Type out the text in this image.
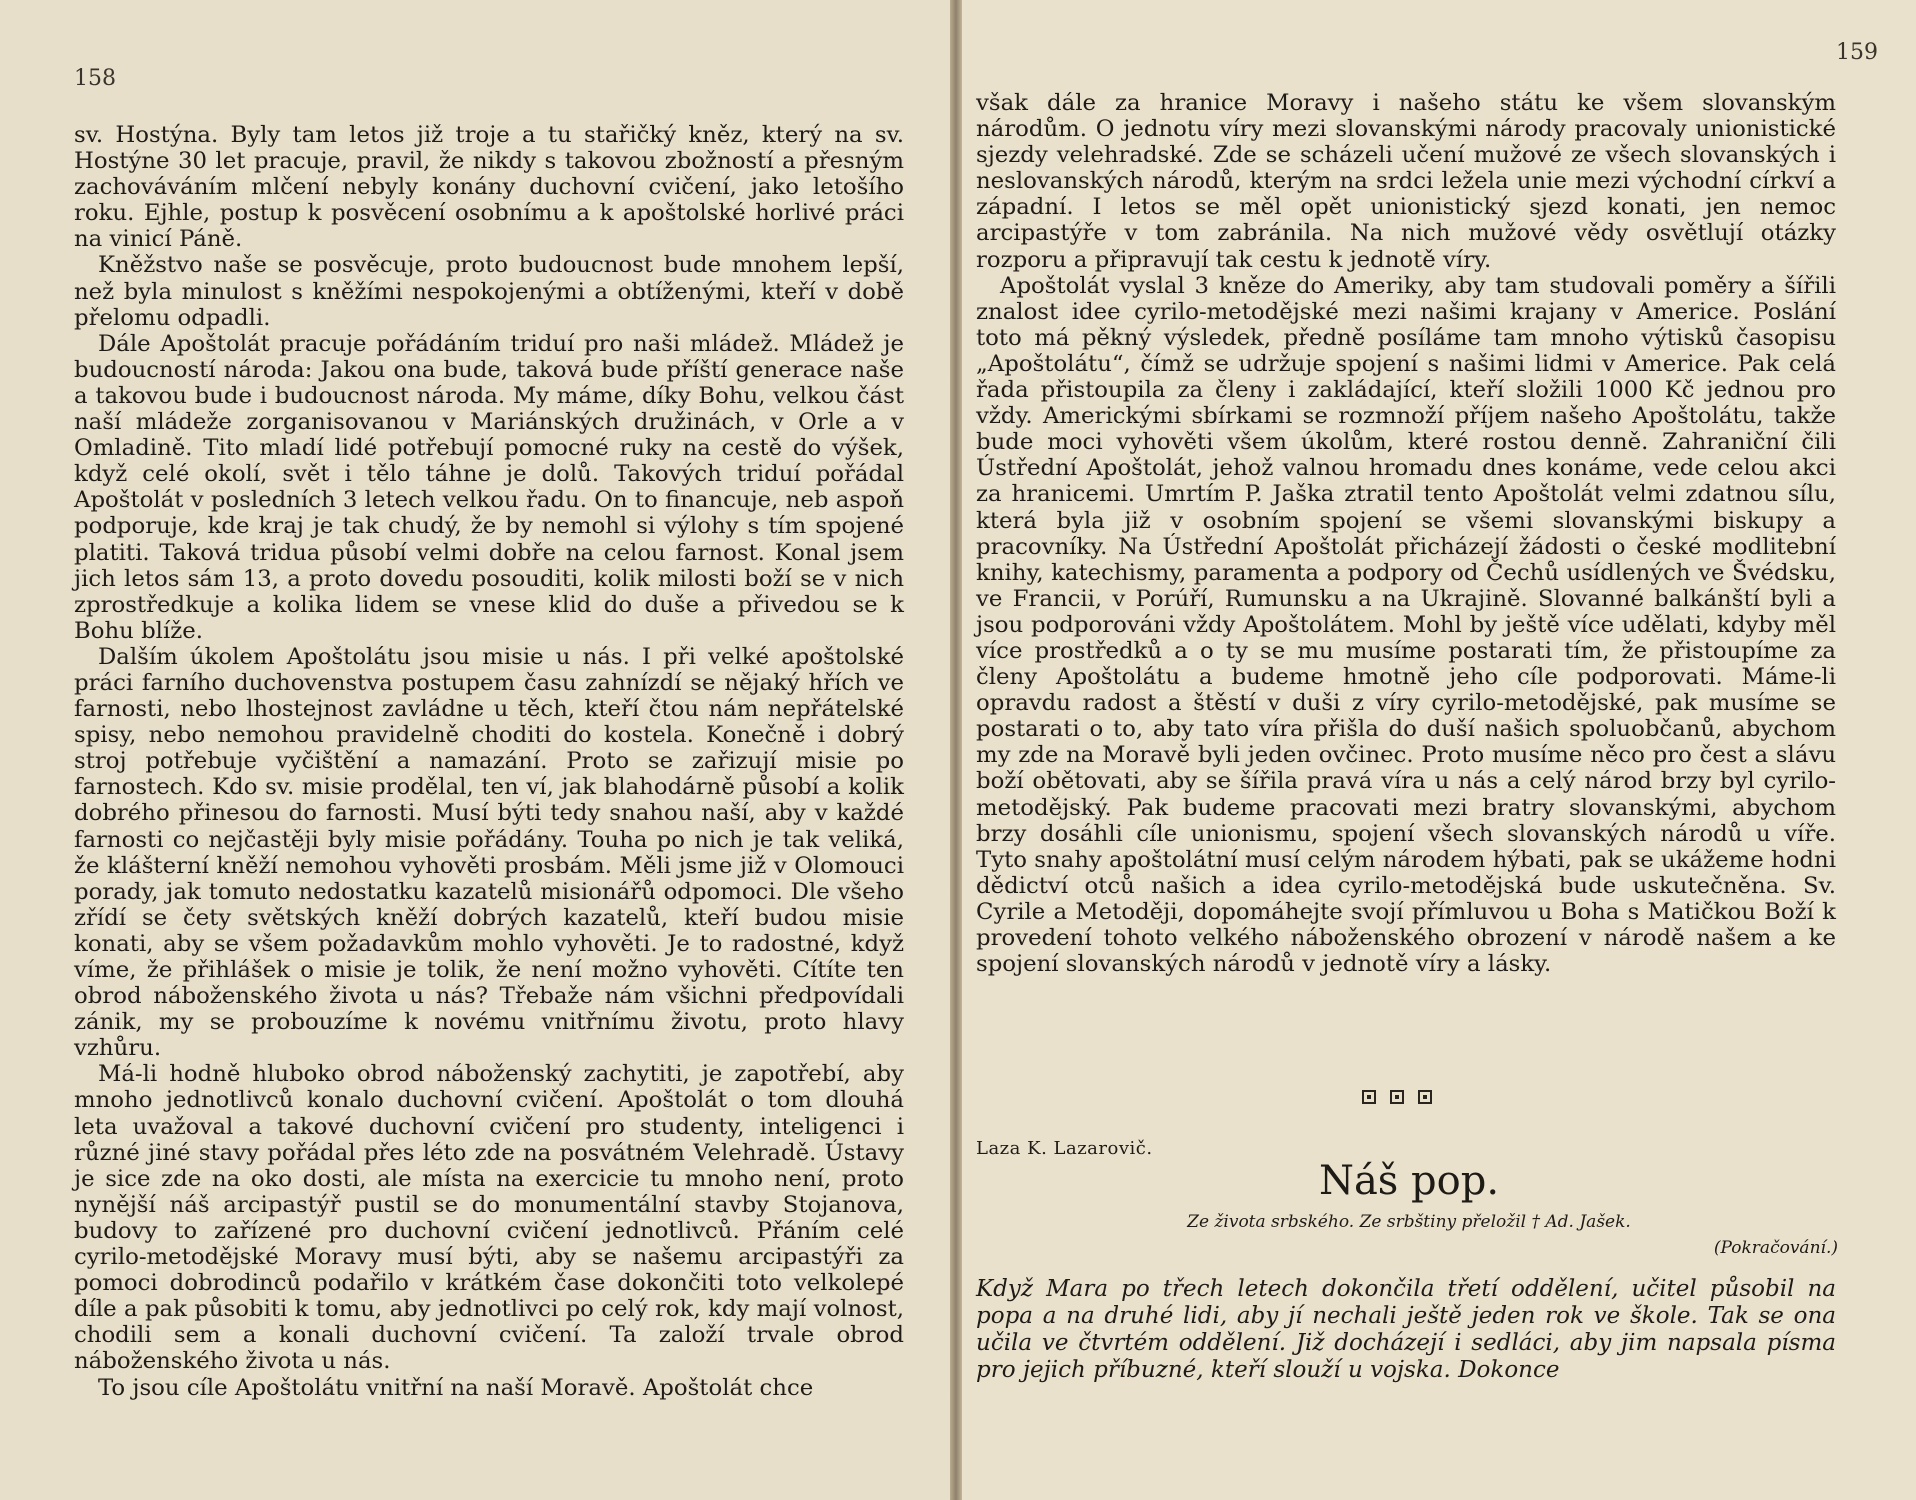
158

sv. Hostýna. Byly tam letos již troje a tu stařičký kněz, který na sv. Hostýne 30 let pracuje, pravil, že nikdy s takovou zbožností a přesným zachováváním mlčení nebyly konány duchovní cvičení, jako letošího roku. Ejhle, postup k posvěcení osobnímu a k apoštolské horlivé práci na vinicí Páně.

Kněžstvo naše se posvěcuje, proto budoucnost bude mnohem lepší, než byla minulost s kněžími nespokojenými a obtíženými, kteří v době přelomu odpadli.

Dále Apoštolát pracuje pořádáním triduí pro naši mládež. Mládež je budoucností národa: Jakou ona bude, taková bude příští generace naše a takovou bude i budoucnost národa. My máme, díky Bohu, velkou část naší mládeže zorganisovanou v Mariánských družinách, v Orle a v Omladině. Tito mladí lidé potřebují pomocné ruky na cestě do výšek, když celé okolí, svět i tělo táhne je dolů. Takových triduí pořádal Apoštolát v posledních 3 letech velkou řadu. On to financuje, neb aspoň podporuje, kde kraj je tak chudý, že by nemohl si výlohy s tím spojené platiti. Taková tridua působí velmi dobře na celou farnost. Konal jsem jich letos sám 13, a proto dovedu posouditi, kolik milosti boží se v nich zprostředkuje a kolika lidem se vnese klid do duše a přivedou se k Bohu blíže.

Dalším úkolem Apoštolátu jsou misie u nás. I při velké apoštolské práci farního duchovenstva postupem času zahnízdí se nějaký hřích ve farnosti, nebo lhostejnost zavládne u těch, kteří čtou nám nepřátelské spisy, nebo nemohou pravidelně choditi do kostela. Konečně i dobrý stroj potřebuje vyčištění a namazání. Proto se zařizují misie po farnostech. Kdo sv. misie prodělal, ten ví, jak blahodárně působí a kolik dobrého přinesou do farnosti. Musí býti tedy snahou naší, aby v každé farnosti co nejčastěji byly misie pořádány. Touha po nich je tak veliká, že klášterní kněží nemohou vyhověti prosbám. Měli jsme již v Olomouci porady, jak tomuto nedostatku kazatelů misionářů odpomoci. Dle všeho zřídí se čety světských kněží dobrých kazatelů, kteří budou misie konati, aby se všem požadavkům mohlo vyhověti. Je to radostné, když víme, že přihlášek o misie je tolik, že není možno vyhověti. Cítíte ten obrod náboženského života u nás? Třebaže nám všichni předpovídali zánik, my se probouzíme k novému vnitřnímu životu, proto hlavy vzhůru.

Má-li hodně hluboko obrod náboženský zachytiti, je zapotřebí, aby mnoho jednotlivců konalo duchovní cvičení. Apoštolát o tom dlouhá leta uvažoval a takové duchovní cvičení pro studenty, inteligenci i různé jiné stavy pořádal přes léto zde na posvátném Velehradě. Ústavy je sice zde na oko dosti, ale místa na exercicie tu mnoho není, proto nynější náš arcipastýř pustil se do monumentální stavby Stojanova, budovy to zařízené pro duchovní cvičení jednotlivců. Přáním celé cyrilo-metodějské Moravy musí býti, aby se našemu arcipastýři za pomoci dobrodinců podařilo v krátkém čase dokončiti toto velkolepé díle a pak působiti k tomu, aby jednotlivci po celý rok, kdy mají volnost, chodili sem a konali duchovní cvičení. Ta založí trvale obrod náboženského života u nás.

To jsou cíle Apoštolátu vnitřní na naší Moravě. Apoštolát chce

159

však dále za hranice Moravy i našeho státu ke všem slovanským národům. O jednotu víry mezi slovanskými národy pracovaly unionistické sjezdy velehradské. Zde se scházeli učení mužové ze všech slovanských i neslovanských národů, kterým na srdci ležela unie mezi východní církví a západní. I letos se měl opět unionistický sjezd konati, jen nemoc arcipastýře v tom zabránila. Na nich mužové vědy osvětlují otázky rozporu a připravují tak cestu k jednotě víry.

Apoštolát vyslal 3 kněze do Ameriky, aby tam studovali poměry a šířili znalost idee cyrilo-metodějské mezi našimi krajany v Americe. Poslání toto má pěkný výsledek, předně posíláme tam mnoho výtisků časopisu „Apoštolátu“, čímž se udržuje spojení s našimi lidmi v Americe. Pak celá řada přistoupila za členy i zakládající, kteří složili 1000 Kč jednou pro vždy. Americkými sbírkami se rozmnoží příjem našeho Apoštolátu, takže bude moci vyhověti všem úkolům, které rostou denně. Zahraniční čili Ústřední Apoštolát, jehož valnou hromadu dnes konáme, vede celou akci za hranicemi. Umrtím P. Jaška ztratil tento Apoštolát velmi zdatnou sílu, která byla již v osobním spojení se všemi slovanskými biskupy a pracovníky. Na Ústřední Apoštolát přicházejí žádosti o české modlitební knihy, katechismy, paramenta a podpory od Čechů usídlených ve Švédsku, ve Francii, v Porúří, Rumunsku a na Ukrajině. Slovanné balkánští byli a jsou podporováni vždy Apoštolátem. Mohl by ještě více udělati, kdyby měl více prostředků a o ty se mu musíme postarati tím, že přistoupíme za členy Apoštolátu a budeme hmotně jeho cíle podporovati. Máme-li opravdu radost a štěstí v duši z víry cyrilo-metodějské, pak musíme se postarati o to, aby tato víra přišla do duší našich spoluobčanů, abychom my zde na Moravě byli jeden ovčinec. Proto musíme něco pro čest a slávu boží obětovati, aby se šířila pravá víra u nás a celý národ brzy byl cyrilo-metodějský. Pak budeme pracovati mezi bratry slovanskými, abychom brzy dosáhli cíle unionismu, spojení všech slovanských národů u víře. Tyto snahy apoštolátní musí celým národem hýbati, pak se ukážeme hodni dědictví otců našich a idea cyrilo-metodějská bude uskutečněna. Sv. Cyrile a Metoději, dopomáhejte svojí přímluvou u Boha s Matičkou Boží k provedení tohoto velkého náboženského obrození v národě našem a ke spojení slovanských národů v jednotě víry a lásky.

Laza K. Lazarovič.
Náš pop.
Ze života srbského. Ze srbštiny přeložil † Ad. Jašek.
(Pokračování.)
Když Mara po třech letech dokončila třetí oddělení, učitel působil na popa a na druhé lidi, aby jí nechali ještě jeden rok ve škole. Tak se ona učila ve čtvrtém oddělení. Již docházejí i sedláci, aby jim napsala písma pro jejich příbuzné, kteří slouží u vojska. Dokonce
